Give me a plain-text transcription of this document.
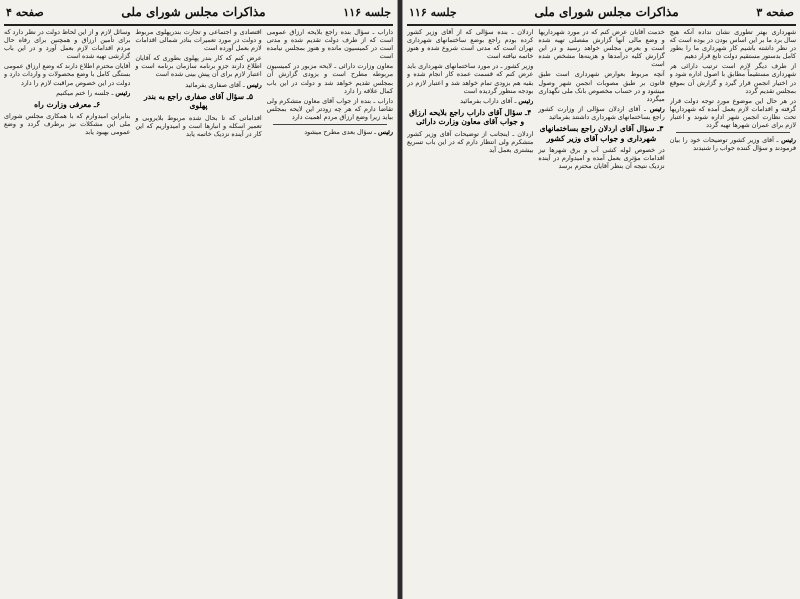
جلسه ۱۱۶
مذاکرات مجلس شورای ملی
صفحه ۴

داراب ـ سؤال بنده راجع بلایحه ارزاق عمومی است که از طرف دولت تقدیم شده و مدتی است در کمیسیون مانده و هنوز بمجلس نیامده است

معاون وزارت دارائی ـ لایحه مزبور در کمیسیون مربوطه مطرح است و بزودی گزارش آن بمجلس تقدیم خواهد شد و دولت در این باب کمال علاقه را دارد

داراب ـ بنده از جواب آقای معاون متشکرم ولی تقاضا دارم که هر چه زودتر این لایحه بمجلس بیاید زیرا وضع ارزاق مردم اهمیت دارد

رئیس ـ سؤال بعدی مطرح میشود

اقتصادی و اجتماعی و تجارت بندرپهلوی مربوط و دولت در مورد تعمیرات بنادر شمالی اقدامات لازم بعمل آورده است

عرض کنم که کار بندر پهلوی بطوری که آقایان اطلاع دارند جزو برنامه سازمان برنامه است و اعتبار لازم برای آن پیش بینی شده است

رئیس ـ آقای صفاری بفرمائید

۵ـ سؤال آقای صفاری راجع به بندر پهلوی

اقداماتی که تا بحال شده مربوط بلایروبی و تعمیر اسکله و انبارها است و امیدواریم که این کار در آینده نزدیک خاتمه یابد

وسائل لازم و از این لحاظ دولت در نظر دارد که برای تأمین ارزاق و همچنین برای رفاه حال مردم اقدامات لازم بعمل آورد و در این باب گزارشی تهیه شده است

آقایان محترم اطلاع دارند که وضع ارزاق عمومی بستگی کامل با وضع محصولات و واردات دارد و دولت در این خصوص مراقبت لازم را دارد

رئیس ـ جلسه را ختم میکنیم

۶ـ معرفی وزارت راه

بنابراین امیدوارم که با همکاری مجلس شورای ملی این مشکلات نیز برطرف گردد و وضع عمومی بهبود یابد

صفحه ۳
مذاکرات مجلس شورای ملی
جلسه ۱۱۶

شهرداری بهتر تطوری نشان نداده آنکه هیچ سال برد ما بر این اساس بودن در بوده است که در نظر داشته باشیم کار شهرداری ما را بطور کامل بدستور مستقیم دولت تابع قرار دهیم

از طرف دیگر لازم است ترتیب دارائی هر شهرداری مستقیماً مطابق با اصول اداره شود و در اختیار انجمن قرار گیرد و گزارش آن بموقع بمجلس تقدیم گردد

در هر حال این موضوع مورد توجه دولت قرار گرفته و اقدامات لازم بعمل آمده که شهرداریها تحت نظارت انجمن شهر اداره شوند و اعتبار لازم برای عمران شهرها تهیه گردد

رئیس ـ آقای وزیر کشور توضیحات خود را بیان فرمودند و سؤال کننده جواب را شنیدند

خدمت آقایان عرض کنم که در مورد شهرداریها و وضع مالی آنها گزارش مفصلی تهیه شده است و بعرض مجلس خواهد رسید و در این گزارش کلیه درآمدها و هزینه‌ها مشخص شده است

آنچه مربوط بعوارض شهرداری است طبق قانون بر طبق مصوبات انجمن شهر وصول میشود و در حساب مخصوص بانک ملی نگهداری میگردد

رئیس ـ آقای اردلان سؤالی از وزارت کشور راجع بساختمانهای شهرداری داشتند بفرمائید

۳ـ سؤال آقای اردلان راجع بساختمانهای شهرداری و جواب آقای وزیر کشور

در خصوص لوله کشی آب و برق شهرها نیز اقدامات مؤثری بعمل آمده و امیدوارم در آینده نزدیک نتیجه آن بنظر آقایان محترم برسد

اردلان ـ بنده سؤالی که از آقای وزیر کشور کرده بودم راجع بوضع ساختمانهای شهرداری تهران است که مدتی است شروع شده و هنوز خاتمه نیافته است

وزیر کشور ـ در مورد ساختمانهای شهرداری باید عرض کنم که قسمت عمده کار انجام شده و بقیه هم بزودی تمام خواهد شد و اعتبار لازم در بودجه منظور گردیده است

رئیس ـ آقای داراب بفرمائید

۴ـ سؤال آقای داراب راجع بلایحه ارزاق و جواب آقای معاون وزارت دارائی

اردلان ـ اینجانب از توضیحات آقای وزیر کشور متشکرم ولی انتظار دارم که در این باب تسریع بیشتری بعمل آید
